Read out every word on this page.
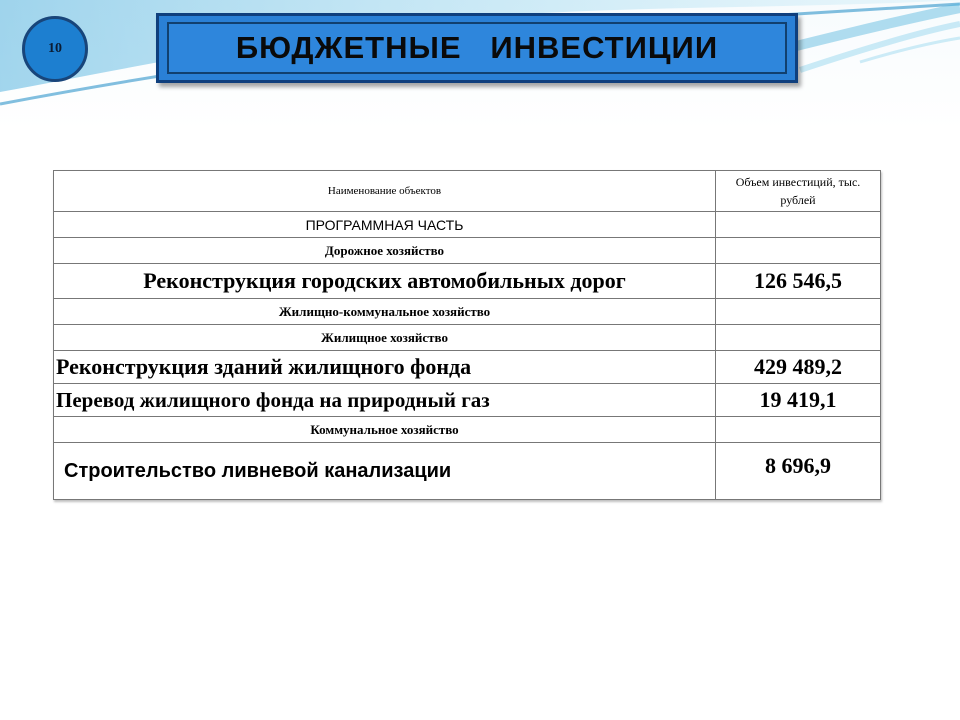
10	БЮДЖЕТНЫЕ   ИНВЕСТИЦИИ
Наименование объектов	Объем инвестиций, тыс. рублей
ПРОГРАММНАЯ ЧАСТЬ	
Дорожное хозяйство	
Реконструкция городских автомобильных дорог	126 546,5
Жилищно-коммунальное хозяйство	
Жилищное хозяйство	
Реконструкция зданий жилищного фонда	429 489,2
Перевод жилищного фонда на природный газ	19 419,1
Коммунальное хозяйство	
Строительство ливневой канализации	8 696,9
